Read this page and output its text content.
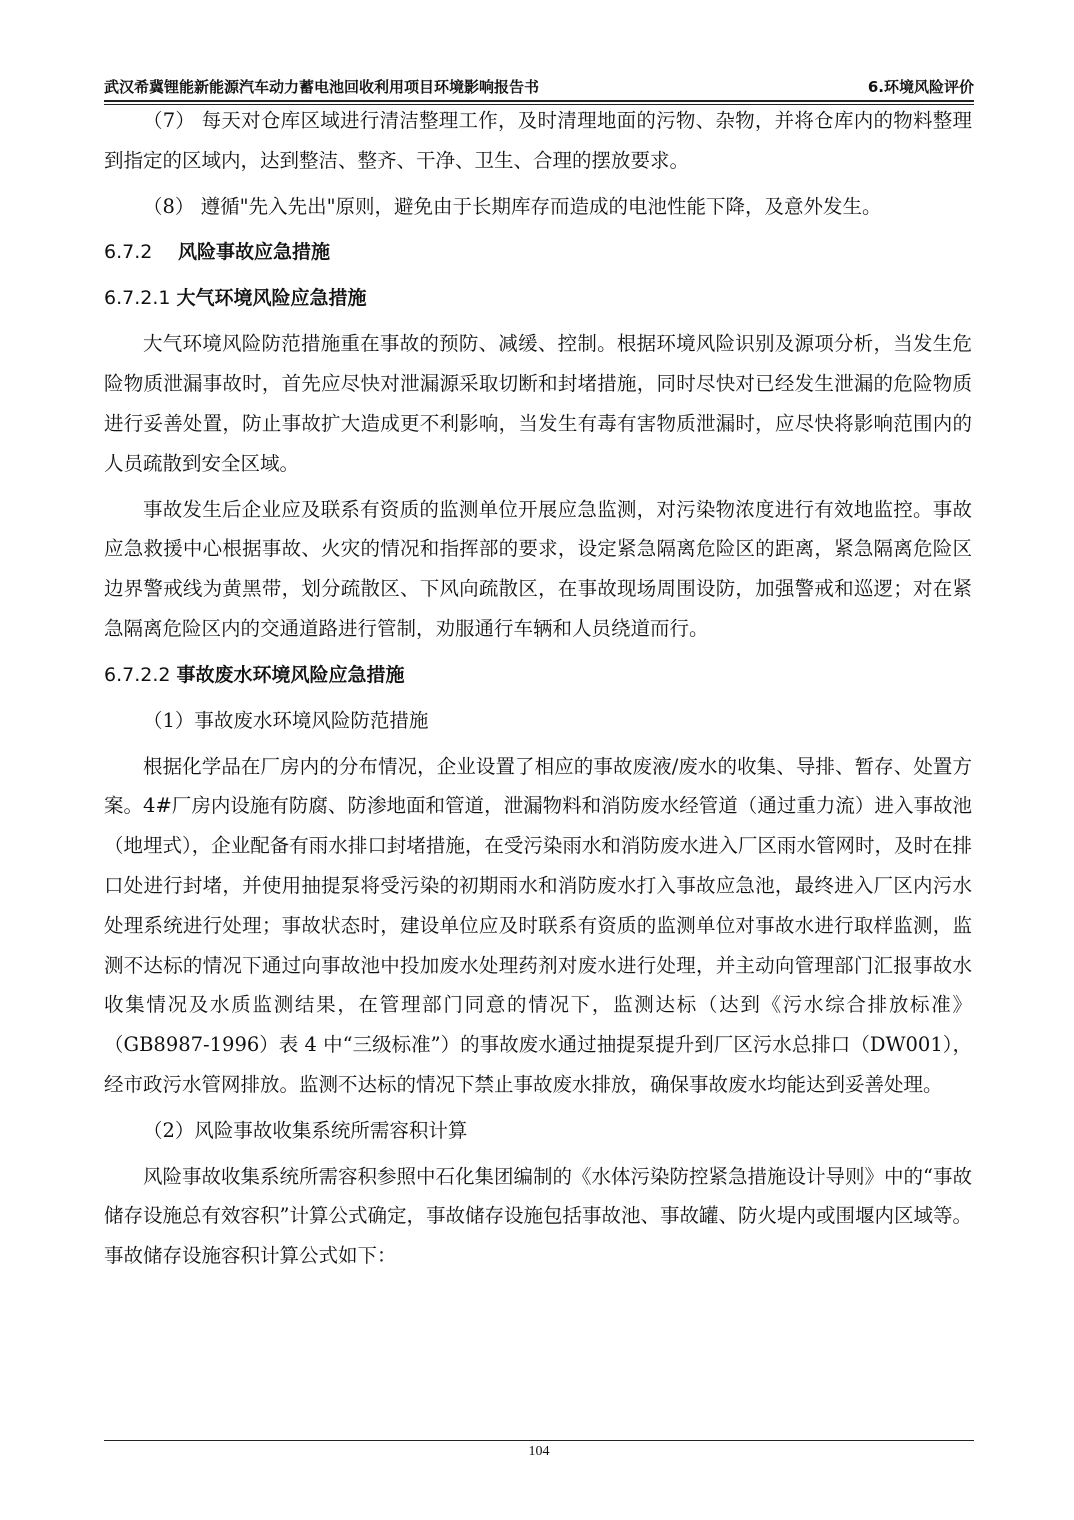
武汉希冀锂能新能源汽车动力蓄电池回收利用项目环境影响报告书	6.环境风险评价

（7） 每天对仓库区域进行清洁整理工作，及时清理地面的污物、杂物，并将仓库内的物料整理到指定的区域内，达到整洁、整齐、干净、卫生、合理的摆放要求。

（8） 遵循"先入先出"原则，避免由于长期库存而造成的电池性能下降，及意外发生。

6.7.2 风险事故应急措施
6.7.2.1 大气环境风险应急措施

大气环境风险防范措施重在事故的预防、减缓、控制。根据环境风险识别及源项分析，当发生危险物质泄漏事故时，首先应尽快对泄漏源采取切断和封堵措施，同时尽快对已经发生泄漏的危险物质进行妥善处置，防止事故扩大造成更不利影响，当发生有毒有害物质泄漏时，应尽快将影响范围内的人员疏散到安全区域。

事故发生后企业应及联系有资质的监测单位开展应急监测，对污染物浓度进行有效地监控。事故应急救援中心根据事故、火灾的情况和指挥部的要求，设定紧急隔离危险区的距离，紧急隔离危险区边界警戒线为黄黑带，划分疏散区、下风向疏散区，在事故现场周围设防，加强警戒和巡逻；对在紧急隔离危险区内的交通道路进行管制，劝服通行车辆和人员绕道而行。

6.7.2.2 事故废水环境风险应急措施

（1）事故废水环境风险防范措施

根据化学品在厂房内的分布情况，企业设置了相应的事故废液/废水的收集、导排、暂存、处置方案。4#厂房内设施有防腐、防渗地面和管道，泄漏物料和消防废水经管道（通过重力流）进入事故池（地埋式），企业配备有雨水排口封堵措施，在受污染雨水和消防废水进入厂区雨水管网时，及时在排口处进行封堵，并使用抽提泵将受污染的初期雨水和消防废水打入事故应急池，最终进入厂区内污水处理系统进行处理；事故状态时，建设单位应及时联系有资质的监测单位对事故水进行取样监测，监测不达标的情况下通过向事故池中投加废水处理药剂对废水进行处理，并主动向管理部门汇报事故水收集情况及水质监测结果，在管理部门同意的情况下，监测达标（达到《污水综合排放标准》（GB8987-1996）表 4 中“三级标准”）的事故废水通过抽提泵提升到厂区污水总排口（DW001），经市政污水管网排放。监测不达标的情况下禁止事故废水排放，确保事故废水均能达到妥善处理。

（2）风险事故收集系统所需容积计算

风险事故收集系统所需容积参照中石化集团编制的《水体污染防控紧急措施设计导则》中的“事故储存设施总有效容积”计算公式确定，事故储存设施包括事故池、事故罐、防火堤内或围堰内区域等。事故储存设施容积计算公式如下：

104
